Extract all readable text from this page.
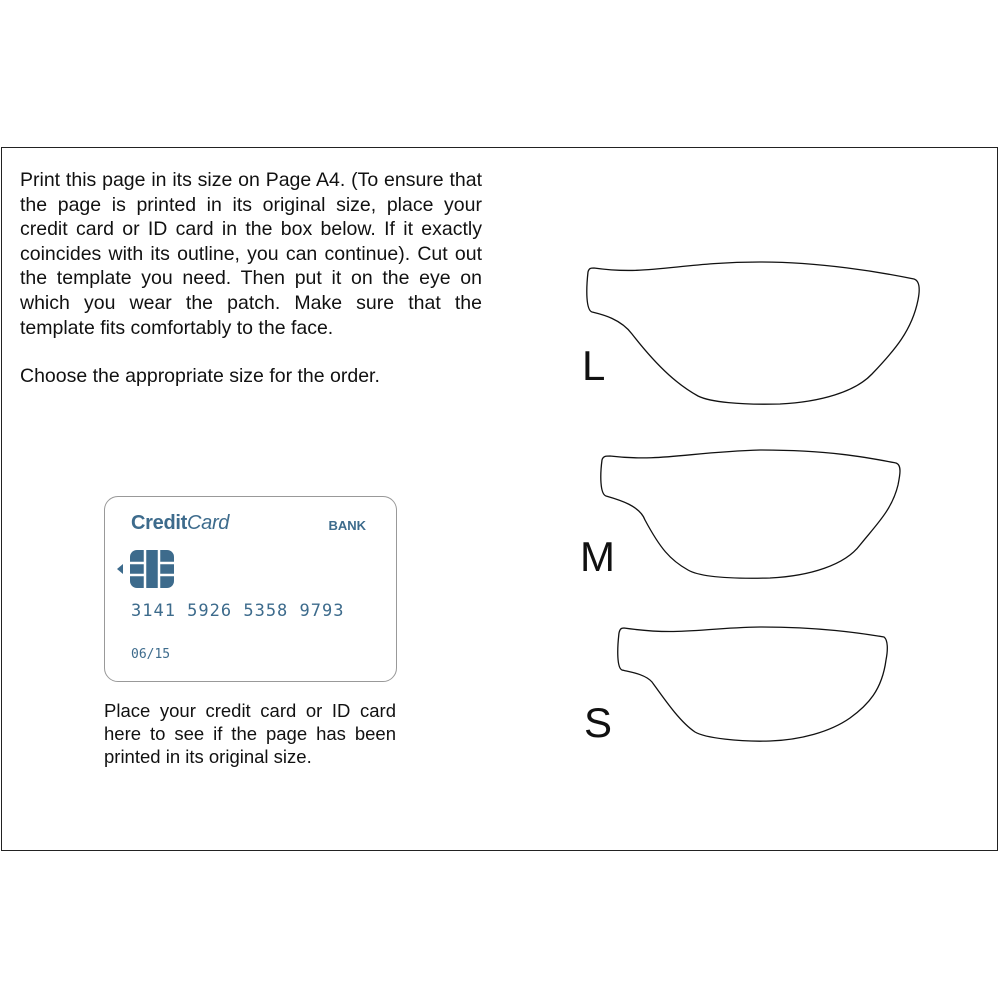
Print this page in its size on Page A4. (To ensure that the page is printed in its original size, place your credit card or ID card in the box below. If it exactly coincides with its outline, you can continue). Cut out the template you need. Then put it on the eye on which you wear the patch. Make sure that the template fits comfortably to the face.

Choose the appropriate size for the order.

CreditCard	BANK
3141 5926 5358 9793
06/15
Place your credit card or ID card here to see if the page has been printed in its original size.
L
M
S
